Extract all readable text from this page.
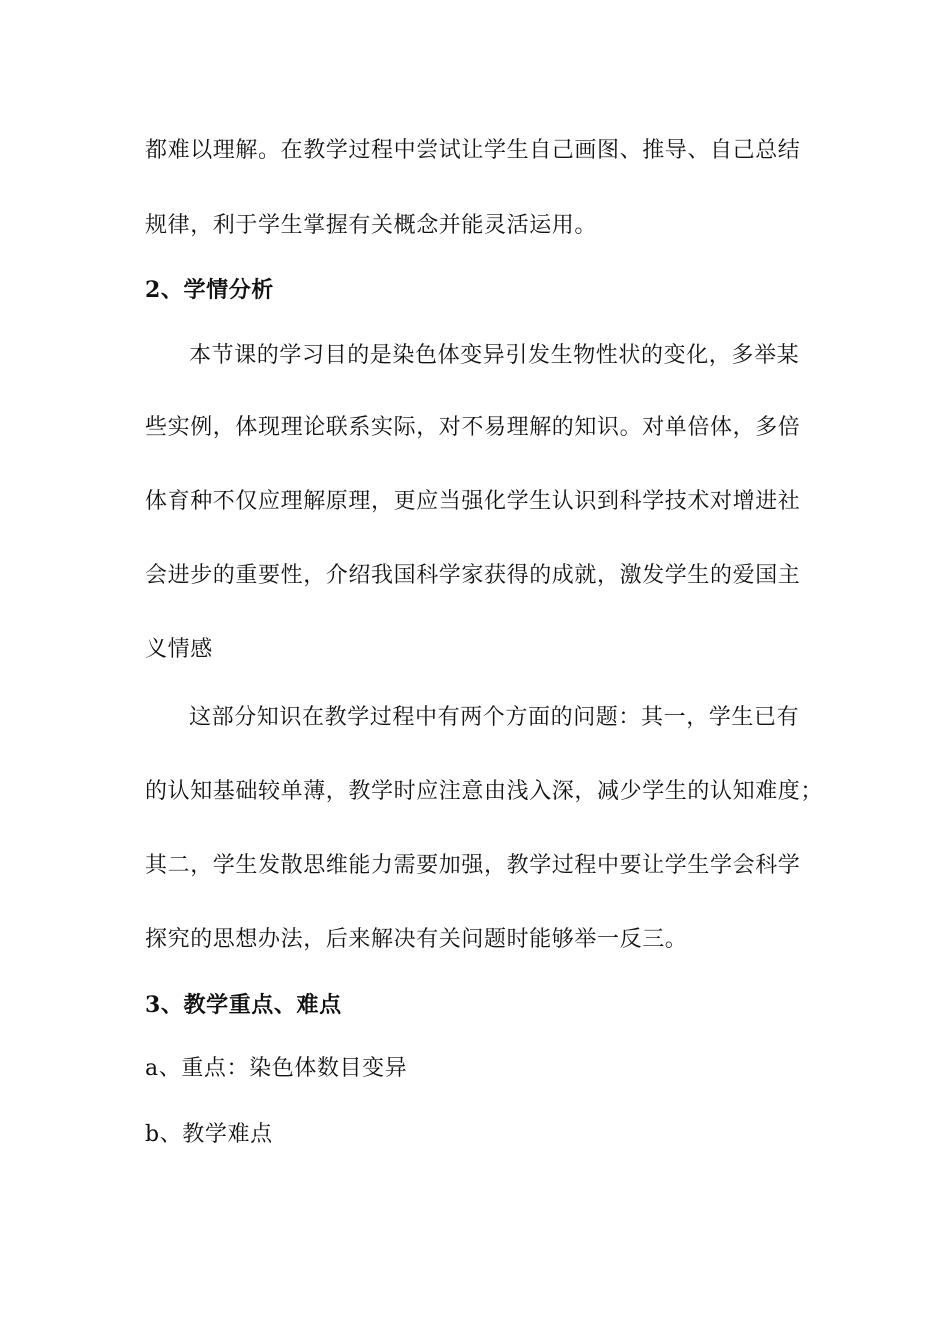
都难以理解。在教学过程中尝试让学生自己画图、推导、自己总结
规律，利于学生掌握有关概念并能灵活运用。
2、学情分析
本节课的学习目的是染色体变异引发生物性状的变化，多举某
些实例，体现理论联系实际，对不易理解的知识。对单倍体，多倍
体育种不仅应理解原理，更应当强化学生认识到科学技术对增进社
会进步的重要性，介绍我国科学家获得的成就，激发学生的爱国主
义情感
这部分知识在教学过程中有两个方面的问题：其一，学生已有
的认知基础较单薄，教学时应注意由浅入深，减少学生的认知难度；
其二，学生发散思维能力需要加强，教学过程中要让学生学会科学
探究的思想办法，后来解决有关问题时能够举一反三。
3、教学重点、难点
a、重点：染色体数目变异
b、教学难点
